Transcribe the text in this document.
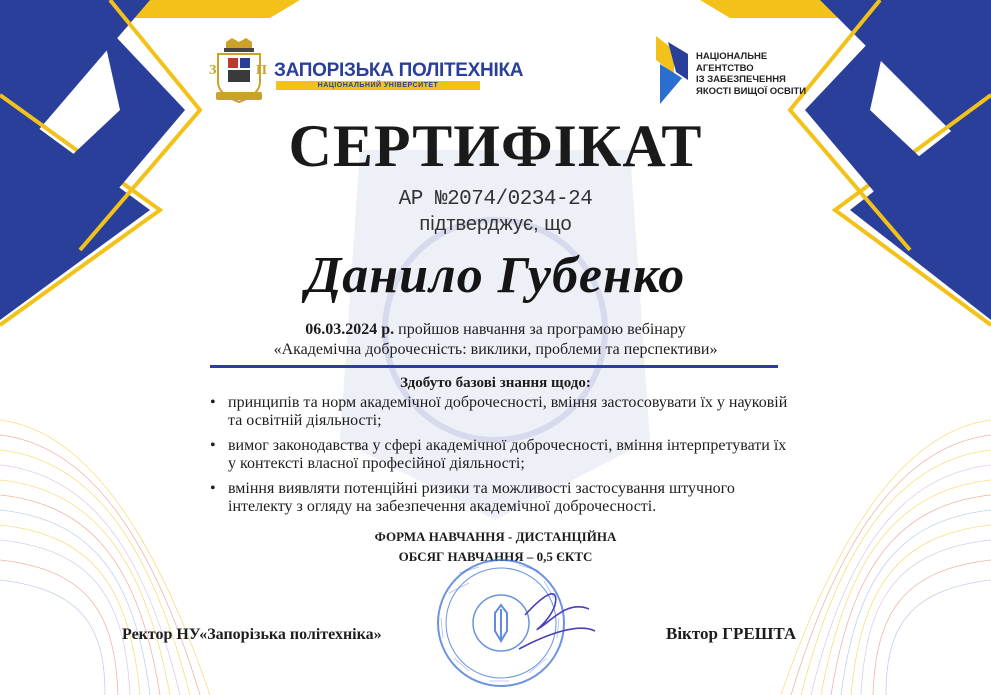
З	П ЗАПОРІЗЬКА ПОЛІТЕХНІКА
НАЦІОНАЛЬНИЙ УНІВЕРСИТЕТ
НАЦІОНАЛЬНЕ
АГЕНТСТВО
ІЗ ЗАБЕЗПЕЧЕННЯ
ЯКОСТІ ВИЩОЇ ОСВІТИ
СЕРТИФІКАТ
АР №2074/0234-24
підтверджує, що
Данило Губенко
06.03.2024 р. пройшов навчання за програмою вебінару
«Академічна доброчесність: виклики, проблеми та перспективи»
Здобуто базові знання щодо:
• принципів та норм академічної доброчесності, вміння застосовувати їх у науковій та освітній діяльності;
• вимог законодавства у сфері академічної доброчесності, вміння інтерпретувати їх у контексті власної професійної діяльності;
• вміння виявляти потенційні ризики та можливості застосування штучного інтелекту з огляду на забезпечення академічної доброчесності.
ФОРМА НАВЧАННЯ - ДИСТАНЦІЙНА
ОБСЯГ НАВЧАННЯ – 0,5 ЄКТС
Ректор НУ«Запорізька політехніка»	Віктор ГРЕШТА
